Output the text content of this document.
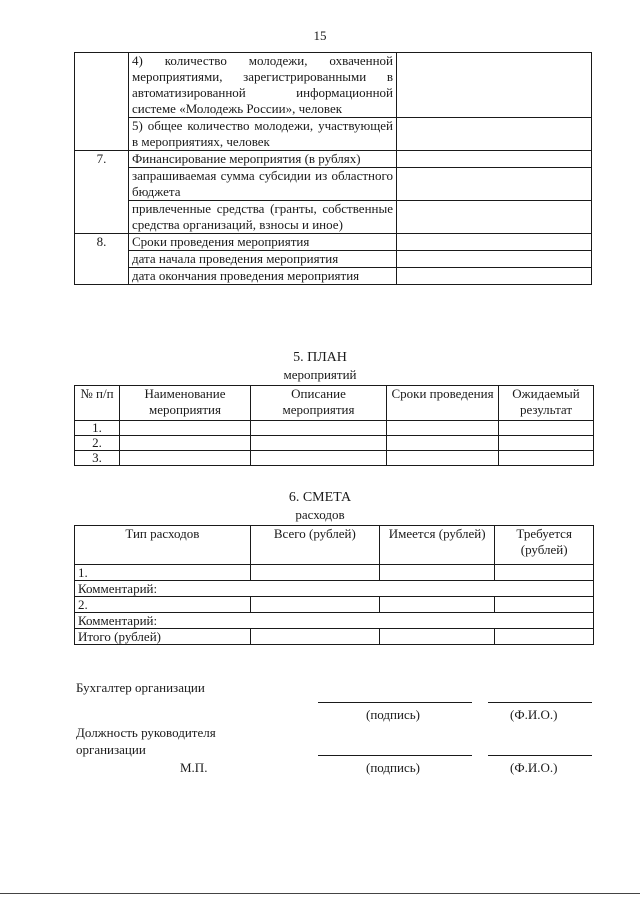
15
	4) количество молодежи, охваченной мероприятиями, зарегистрированными в автоматизированной информационной системе «Молодежь России», человек	
	5) общее количество молодежи, участвующей в мероприятиях, человек	
7.	Финансирование мероприятия (в рублях)	
	запрашиваемая сумма субсидии из областного бюджета	
	привлеченные средства (гранты, собственные средства организаций, взносы и иное)	
8.	Сроки проведения мероприятия	
	дата начала проведения мероприятия	
	дата окончания проведения мероприятия	
5. ПЛАН
мероприятий
№ п/п	Наименование мероприятия	Описание мероприятия	Сроки проведения	Ожидаемый результат
1.				
2.				
3.				
6. СМЕТА
расходов
Тип расходов	Всего (рублей)	Имеется (рублей)	Требуется (рублей)
1.			
Комментарий:			
2.			
Комментарий:			
Итого (рублей)			
Бухгалтер организации
(подпись)	(Ф.И.О.)
Должность руководителя
организации
М.П.	(подпись)	(Ф.И.О.)
